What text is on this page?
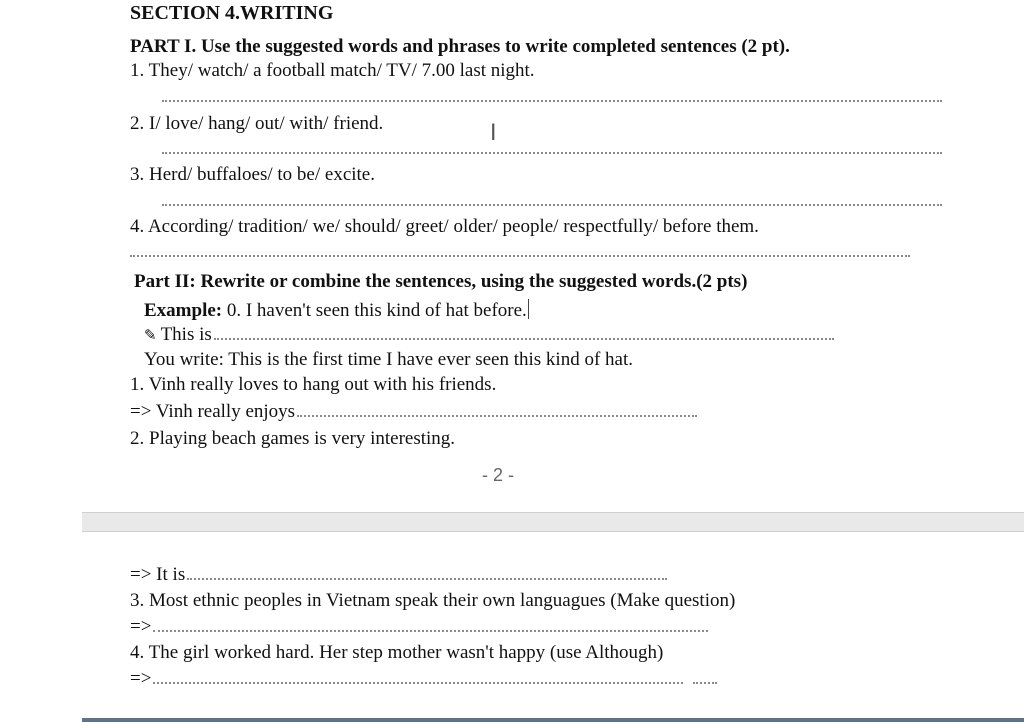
SECTION 4.WRITING
PART I. Use the suggested words and phrases to write completed sentences (2 pt).
1. They/ watch/ a football match/ TV/ 7.00 last night.
2. I/ love/ hang/ out/ with/ friend.
3. Herd/ buffaloes/ to be/ excite.
4. According/ tradition/ we/ should/ greet/ older/ people/ respectfully/ before them.
Part II: Rewrite or combine the sentences, using the suggested words.(2 pts)
Example: 0. I haven't seen this kind of hat before.
✎ This is
You write: This is the first time I have ever seen this kind of hat.
1. Vinh really loves to hang out with his friends.
=> Vinh really enjoys
2. Playing beach games is very interesting.
- 2 -
I
=> It is
3. Most ethnic peoples in Vietnam speak their own languagues (Make question)
=>
4. The girl worked hard. Her step mother wasn't happy (use Although)
=>
